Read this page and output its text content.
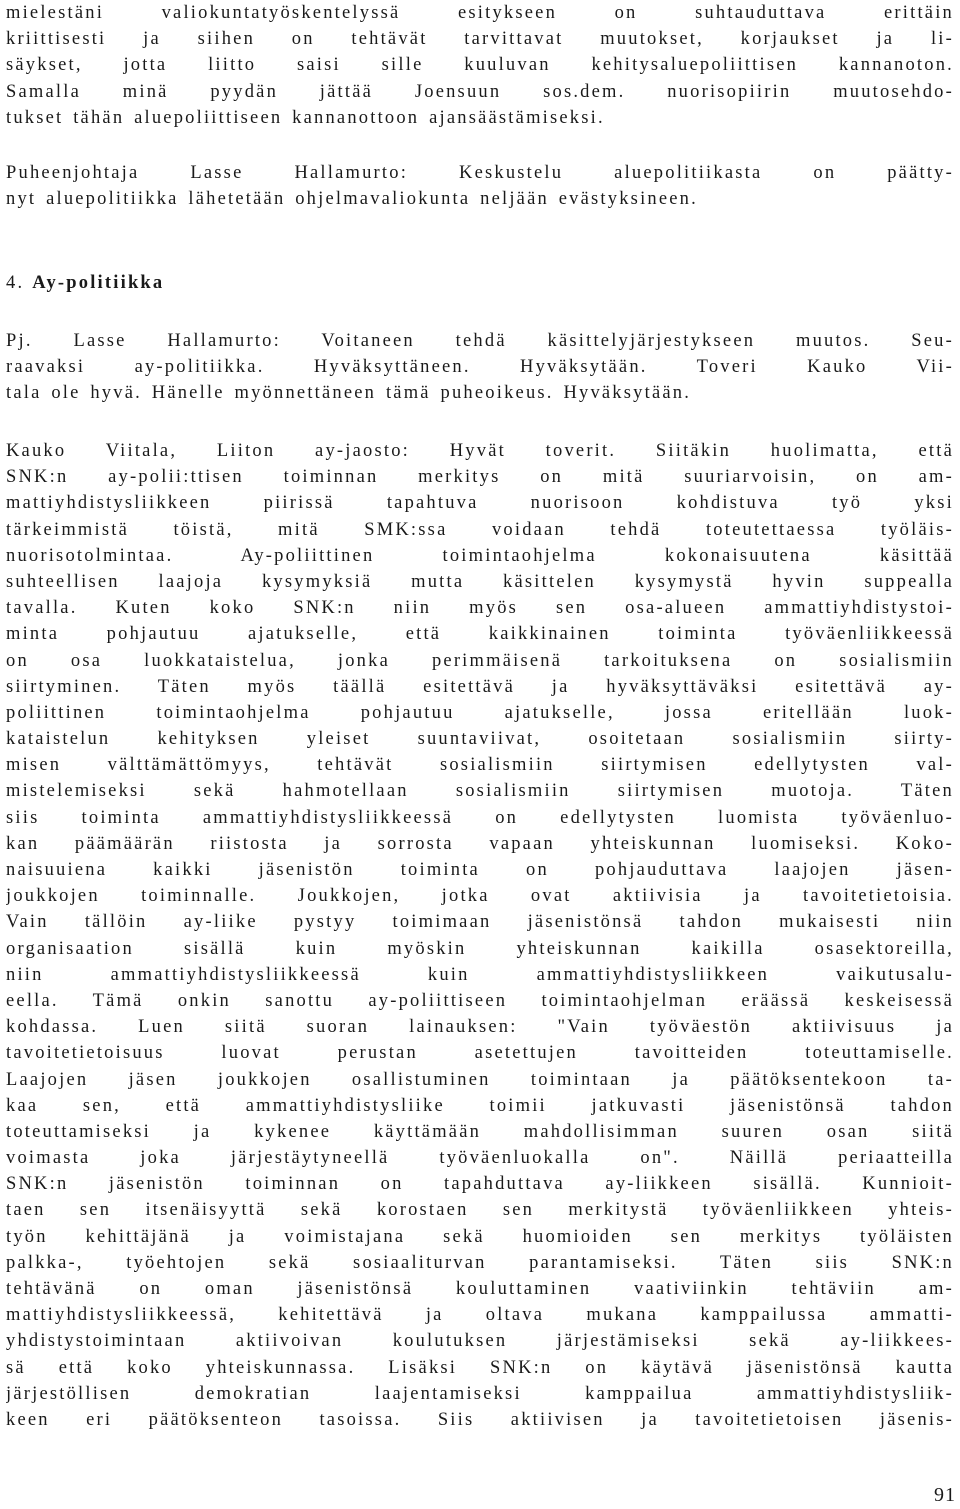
mielestäni valiokuntatyöskentelyssä esitykseen on suhtauduttava erittäin
kriittisesti ja siihen on tehtävät tarvittavat muutokset, korjaukset ja li-
säykset, jotta liitto saisi sille kuuluvan kehitysaluepoliittisen kannanoton.
Samalla minä pyydän jättää Joensuun sos.dem. nuorisopiirin muutosehdo-
tukset tähän aluepoliittiseen kannanottoon ajansäästämiseksi.
Puheenjohtaja Lasse Hallamurto: Keskustelu aluepolitiikasta on päätty-
nyt aluepolitiikka lähetetään ohjelmavaliokunta neljään evästyksineen.
4. Ay-politiikka
Pj. Lasse Hallamurto: Voitaneen tehdä käsittelyjärjestykseen muutos. Seu-
raavaksi ay-politiikka. Hyväksyttäneen. Hyväksytään. Toveri Kauko Vii-
tala ole hyvä. Hänelle myönnettäneen tämä puheoikeus. Hyväksytään.
Kauko Viitala, Liiton ay-jaosto: Hyvät toverit. Siitäkin huolimatta, että
SNK:n ay-polii:ttisen toiminnan merkitys on mitä suuriarvoisin, on am-
mattiyhdistysliikkeen piirissä tapahtuva nuorisoon kohdistuva työ yksi
tärkeimmistä töistä, mitä SMK:ssa voidaan tehdä toteutettaessa työläis-
nuorisotolmintaa. Ay-poliittinen toimintaohjelma kokonaisuutena käsittää
suhteellisen laajoja kysymyksiä mutta käsittelen kysymystä hyvin suppealla
tavalla. Kuten koko SNK:n niin myös sen osa-alueen ammattiyhdistystoi-
minta pohjautuu ajatukselle, että kaikkinainen toiminta työväenliikkeessä
on osa luokkataistelua, jonka perimmäisenä tarkoituksena on sosialismiin
siirtyminen. Täten myös täällä esitettävä ja hyväksyttäväksi esitettävä ay-
poliittinen toimintaohjelma pohjautuu ajatukselle, jossa eritellään luok-
kataistelun kehityksen yleiset suuntaviivat, osoitetaan sosialismiin siirty-
misen välttämättömyys, tehtävät sosialismiin siirtymisen edellytysten val-
mistelemiseksi sekä hahmotellaan sosialismiin siirtymisen muotoja. Täten
siis toiminta ammattiyhdistysliikkeessä on edellytysten luomista työväenluo-
kan päämäärän riistosta ja sorrosta vapaan yhteiskunnan luomiseksi. Koko-
naisuuiena kaikki jäsenistön toiminta on pohjauduttava laajojen jäsen-
joukkojen toiminnalle. Joukkojen, jotka ovat aktiivisia ja tavoitetietoisia.
Vain tällöin ay-liike pystyy toimimaan jäsenistönsä tahdon mukaisesti niin
organisaation sisällä kuin myöskin yhteiskunnan kaikilla osasektoreilla,
niin ammattiyhdistysliikkeessä kuin ammattiyhdistysliikkeen vaikutusalu-
eella. Tämä onkin sanottu ay-poliittiseen toimintaohjelman eräässä keskeisessä
kohdassa. Luen siitä suoran lainauksen: "Vain työväestön aktiivisuus ja
tavoitetietoisuus luovat perustan asetettujen tavoitteiden toteuttamiselle.
Laajojen jäsen joukkojen osallistuminen toimintaan ja päätöksentekoon ta-
kaa sen, että ammattiyhdistysliike toimii jatkuvasti jäsenistönsä tahdon
toteuttamiseksi ja kykenee käyttämään mahdollisimman suuren osan siitä
voimasta joka järjestäytyneellä työväenluokalla on". Näillä periaatteilla
SNK:n jäsenistön toiminnan on tapahduttava ay-liikkeen sisällä. Kunnioit-
taen sen itsenäisyyttä sekä korostaen sen merkitystä työväenliikkeen yhteis-
työn kehittäjänä ja voimistajana sekä huomioiden sen merkitys työläisten
palkka-, työehtojen sekä sosiaaliturvan parantamiseksi. Täten siis SNK:n
tehtävänä on oman jäsenistönsä kouluttaminen vaativiinkin tehtäviin am-
mattiyhdistysliikkeessä, kehitettävä ja oltava mukana kamppailussa ammatti-
yhdistystoimintaan aktiivoivan koulutuksen järjestämiseksi sekä ay-liikkees-
sä että koko yhteiskunnassa. Lisäksi SNK:n on käytävä jäsenistönsä kautta
järjestöllisen demokratian laajentamiseksi kamppailua ammattiyhdistysliik-
keen eri päätöksenteon tasoissa. Siis aktiivisen ja tavoitetietoisen jäsenis-
91
